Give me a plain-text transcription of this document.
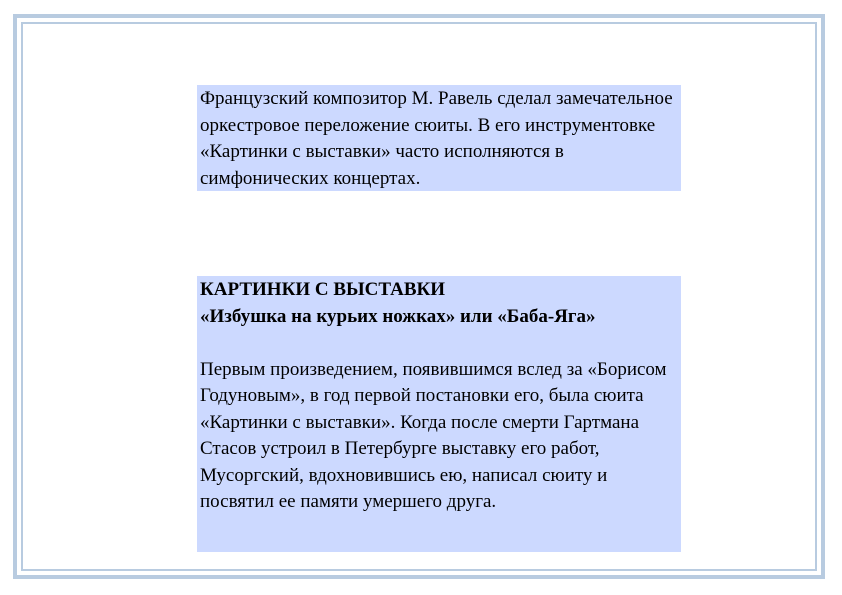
Французский композитор М. Равель сделал замечательное оркестровое переложение сюиты. В его инструментовке «Картинки с выставки» часто исполняются в симфонических концертах.
КАРТИНКИ С ВЫСТАВКИ
«Избушка на курьих ножках» или «Баба-Яга»
Первым произведением, появившимся вслед за «Борисом Годуновым», в год первой постановки его, была сюита «Картинки с выставки». Когда после смерти Гартмана Стасов устроил в Петербурге выставку его работ, Мусоргский, вдохновившись ею, написал сюиту и посвятил ее памяти умершего друга.
